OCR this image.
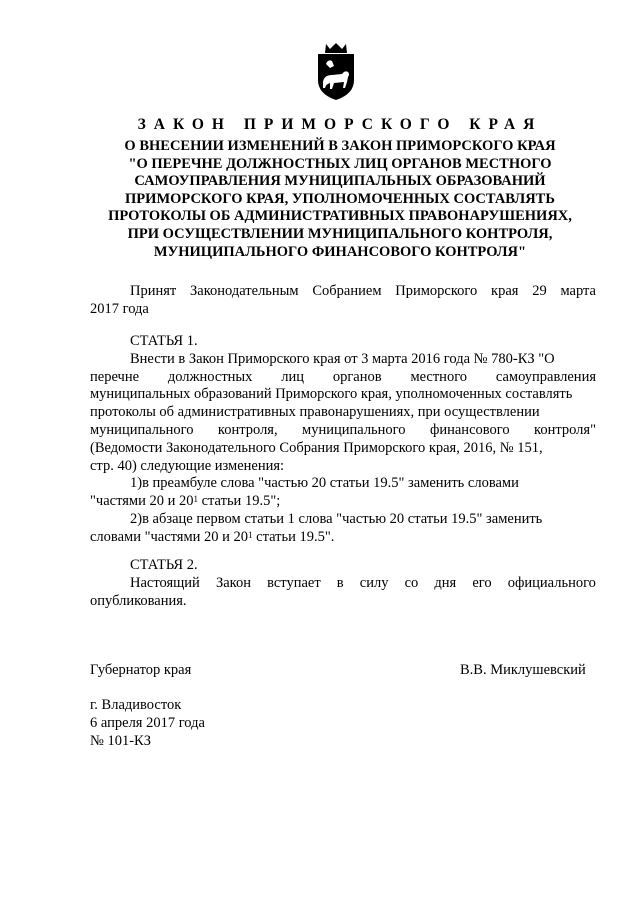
ЗАКОН ПРИМОРСКОГО КРАЯ
О ВНЕСЕНИИ ИЗМЕНЕНИЙ В ЗАКОН ПРИМОРСКОГО КРАЯ
"О ПЕРЕЧНЕ ДОЛЖНОСТНЫХ ЛИЦ ОРГАНОВ МЕСТНОГО
САМОУПРАВЛЕНИЯ МУНИЦИПАЛЬНЫХ ОБРАЗОВАНИЙ
ПРИМОРСКОГО КРАЯ, УПОЛНОМОЧЕННЫХ СОСТАВЛЯТЬ
ПРОТОКОЛЫ ОБ АДМИНИСТРАТИВНЫХ ПРАВОНАРУШЕНИЯХ,
ПРИ ОСУЩЕСТВЛЕНИИ МУНИЦИПАЛЬНОГО КОНТРОЛЯ,
МУНИЦИПАЛЬНОГО ФИНАНСОВОГО КОНТРОЛЯ"
Принят Законодательным Собранием Приморского края 29 марта
2017 года
СТАТЬЯ 1.
Внести в Закон Приморского края от 3 марта 2016 года № 780-КЗ "О
перечне должностных лиц органов местного самоуправления
муниципальных образований Приморского края, уполномоченных составлять
протоколы об административных правонарушениях, при осуществлении
муниципального контроля, муниципального финансового контроля"
(Ведомости Законодательного Собрания Приморского края, 2016, № 151,
стр. 40) следующие изменения:
1)в преамбуле слова "частью 20 статьи 19.5" заменить словами
"частями 20 и $20^1$ статьи 19.5";
2)в абзаце первом статьи 1 слова "частью 20 статьи 19.5" заменить
словами "частями 20 и $20^1$ статьи 19.5".
СТАТЬЯ 2.
Настоящий Закон вступает в силу со дня его официального
опубликования.
Губернатор края	В.В. Миклушевский
г. Владивосток
6 апреля 2017 года
№ 101-КЗ
